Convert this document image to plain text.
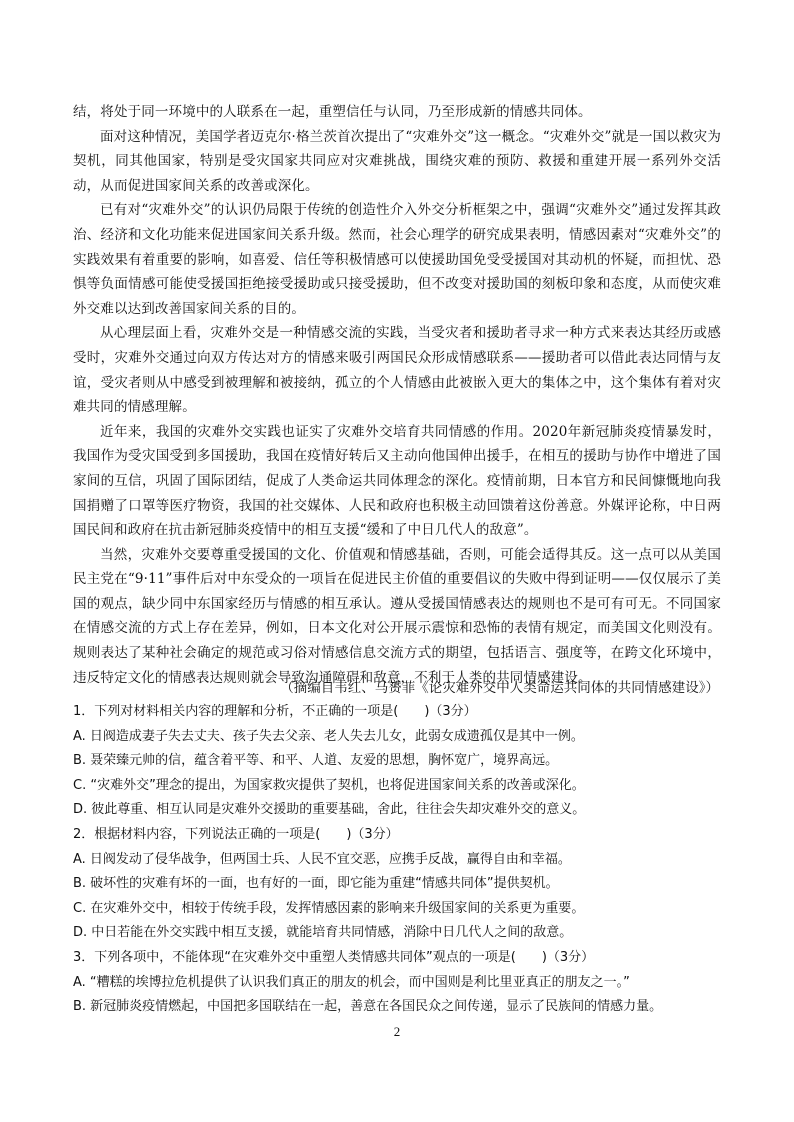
结，将处于同一环境中的人联系在一起，重塑信任与认同，乃至形成新的情感共同体。

面对这种情况，美国学者迈克尔·格兰茨首次提出了“灾难外交”这一概念。“灾难外交”就是一国以救灾为契机，同其他国家，特别是受灾国家共同应对灾难挑战，围绕灾难的预防、救援和重建开展一系列外交活动，从而促进国家间关系的改善或深化。

已有对“灾难外交”的认识仍局限于传统的创造性介入外交分析框架之中，强调“灾难外交”通过发挥其政治、经济和文化功能来促进国家间关系升级。然而，社会心理学的研究成果表明，情感因素对“灾难外交”的实践效果有着重要的影响，如喜爱、信任等积极情感可以使援助国免受受援国对其动机的怀疑，而担忧、恐惧等负面情感可能使受援国拒绝接受援助或只接受援助，但不改变对援助国的刻板印象和态度，从而使灾难外交难以达到改善国家间关系的目的。

从心理层面上看，灾难外交是一种情感交流的实践，当受灾者和援助者寻求一种方式来表达其经历或感受时，灾难外交通过向双方传达对方的情感来吸引两国民众形成情感联系——援助者可以借此表达同情与友谊，受灾者则从中感受到被理解和被接纳，孤立的个人情感由此被嵌入更大的集体之中，这个集体有着对灾难共同的情感理解。

近年来，我国的灾难外交实践也证实了灾难外交培育共同情感的作用。2020年新冠肺炎疫情暴发时，我国作为受灾国受到多国援助，我国在疫情好转后又主动向他国伸出援手，在相互的援助与协作中增进了国家间的互信，巩固了国际团结，促成了人类命运共同体理念的深化。疫情前期，日本官方和民间慷慨地向我国捐赠了口罩等医疗物资，我国的社交媒体、人民和政府也积极主动回馈着这份善意。外媒评论称，中日两国民间和政府在抗击新冠肺炎疫情中的相互支援“缓和了中日几代人的敌意”。

当然，灾难外交要尊重受援国的文化、价值观和情感基础，否则，可能会适得其反。这一点可以从美国民主党在“9·11”事件后对中东受众的一项旨在促进民主价值的重要倡议的失败中得到证明——仅仅展示了美国的观点，缺少同中东国家经历与情感的相互承认。遵从受援国情感表达的规则也不是可有可无。不同国家在情感交流的方式上存在差异，例如，日本文化对公开展示震惊和恐怖的表情有规定，而美国文化则没有。规则表达了某种社会确定的规范或习俗对情感信息交流方式的期望，包括语言、强度等，在跨文化环境中，违反特定文化的情感表达规则就会导致沟通障碍和敌意，不利于人类的共同情感建设。

（摘编自韦红、马赟菲《论灾难外交中人类命运共同体的共同情感建设》）
1．下列对材料相关内容的理解和分析，不正确的一项是(　　)（3分）
A. 日阀造成妻子失去丈夫、孩子失去父亲、老人失去儿女，此弱女成遗孤仅是其中一例。
B. 聂荣臻元帅的信，蕴含着平等、和平、人道、友爱的思想，胸怀宽广，境界高远。
C. “灾难外交”理念的提出，为国家救灾提供了契机，也将促进国家间关系的改善或深化。
D. 彼此尊重、相互认同是灾难外交援助的重要基础，舍此，往往会失却灾难外交的意义。
2．根据材料内容，下列说法正确的一项是(　　)（3分）
A. 日阀发动了侵华战争，但两国士兵、人民不宜交恶，应携手反战，赢得自由和幸福。
B. 破坏性的灾难有坏的一面，也有好的一面，即它能为重建“情感共同体”提供契机。
C. 在灾难外交中，相较于传统手段，发挥情感因素的影响来升级国家间的关系更为重要。
D. 中日若能在外交实践中相互支援，就能培育共同情感，消除中日几代人之间的敌意。
3．下列各项中，不能体现“在灾难外交中重塑人类情感共同体”观点的一项是(　　)（3分）
A. “糟糕的埃博拉危机提供了认识我们真正的朋友的机会，而中国则是利比里亚真正的朋友之一。”
B. 新冠肺炎疫情燃起，中国把多国联结在一起，善意在各国民众之间传递，显示了民族间的情感力量。
2
